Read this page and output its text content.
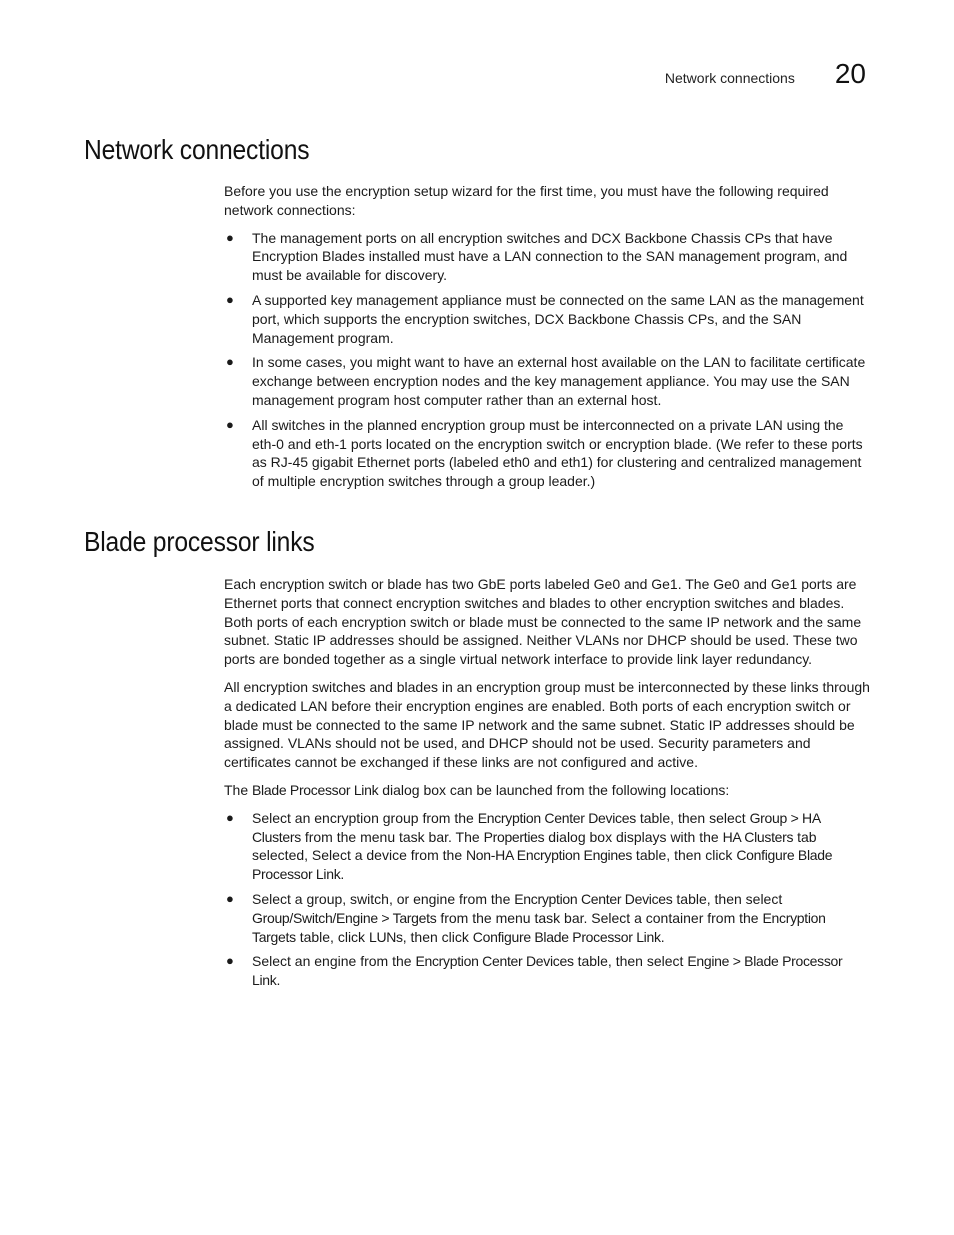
Network connections 20
Network connections

Before you use the encryption setup wizard for the first time, you must have the following required network connections:

● The management ports on all encryption switches and DCX Backbone Chassis CPs that have Encryption Blades installed must have a LAN connection to the SAN management program, and must be available for discovery.
● A supported key management appliance must be connected on the same LAN as the management port, which supports the encryption switches, DCX Backbone Chassis CPs, and the SAN Management program.
● In some cases, you might want to have an external host available on the LAN to facilitate certificate exchange between encryption nodes and the key management appliance. You may use the SAN management program host computer rather than an external host.
● All switches in the planned encryption group must be interconnected on a private LAN using the eth-0 and eth-1 ports located on the encryption switch or encryption blade. (We refer to these ports as RJ-45 gigabit Ethernet ports (labeled eth0 and eth1) for clustering and centralized management of multiple encryption switches through a group leader.)
Blade processor links

Each encryption switch or blade has two GbE ports labeled Ge0 and Ge1. The Ge0 and Ge1 ports are Ethernet ports that connect encryption switches and blades to other encryption switches and blades. Both ports of each encryption switch or blade must be connected to the same IP network and the same subnet. Static IP addresses should be assigned. Neither VLANs nor DHCP should be used. These two ports are bonded together as a single virtual network interface to provide link layer redundancy.

All encryption switches and blades in an encryption group must be interconnected by these links through a dedicated LAN before their encryption engines are enabled. Both ports of each encryption switch or blade must be connected to the same IP network and the same subnet. Static IP addresses should be assigned. VLANs should not be used, and DHCP should not be used. Security parameters and certificates cannot be exchanged if these links are not configured and active.

The Blade Processor Link dialog box can be launched from the following locations:

● Select an encryption group from the Encryption Center Devices table, then select Group > HA Clusters from the menu task bar. The Properties dialog box displays with the HA Clusters tab selected, Select a device from the Non-HA Encryption Engines table, then click Configure Blade Processor Link.
● Select a group, switch, or engine from the Encryption Center Devices table, then select Group/Switch/Engine > Targets from the menu task bar. Select a container from the Encryption Targets table, click LUNs, then click Configure Blade Processor Link.
● Select an engine from the Encryption Center Devices table, then select Engine > Blade Processor Link.
